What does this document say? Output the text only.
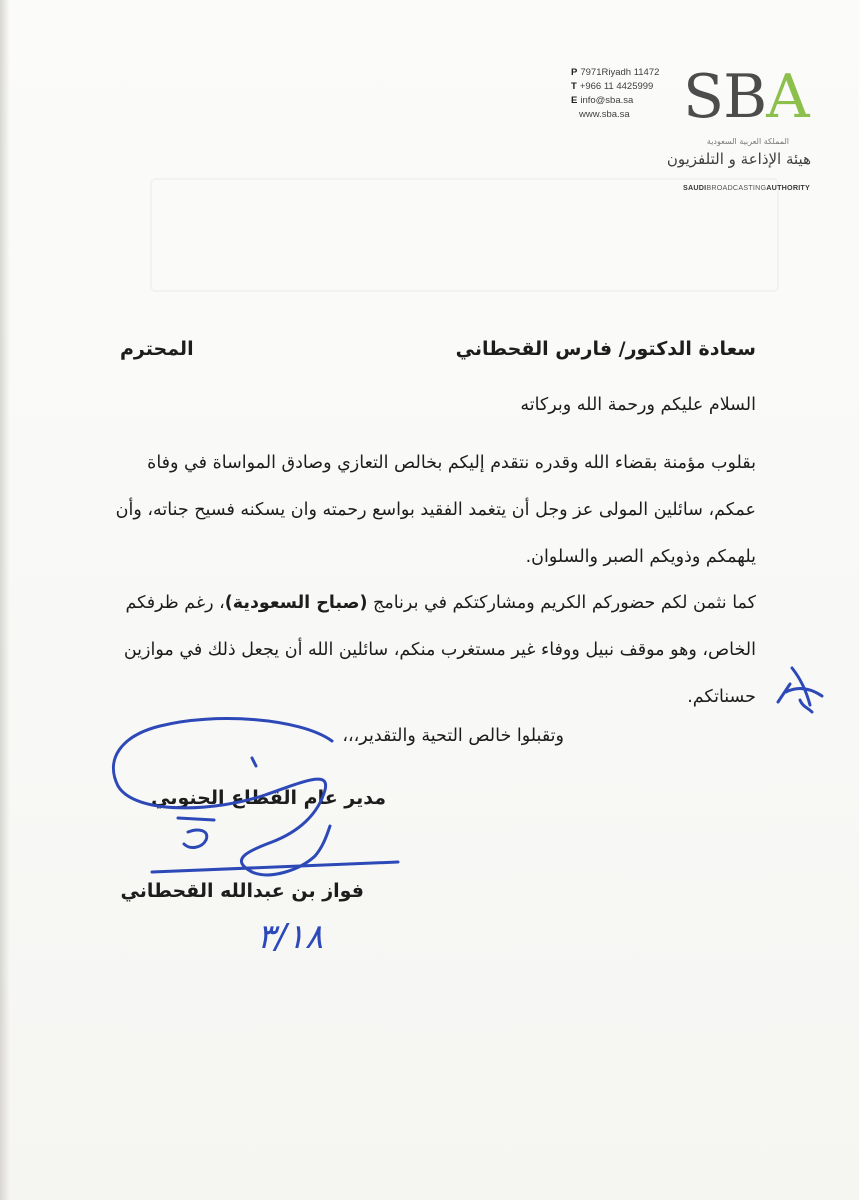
P 7971Riyadh 11472
T +966 11 4425999
E info@sba.sa
www.sba.sa SBA
المملكة العربية السعودية
هيئة الإذاعة و التلفزيون
SAUDIBROADCASTINGAUTHORITY
سعادة الدكتور/ فارس القحطاني
المحترم
السلام عليكم ورحمة الله وبركاته
بقلوب مؤمنة بقضاء الله وقدره نتقدم إليكم بخالص التعازي وصادق المواساة في وفاة
عمكم، سائلين المولى عز وجل أن يتغمد الفقيد بواسع رحمته وان يسكنه فسيح جناته، وأن
يلهمكم وذويكم الصبر والسلوان.
كما نثمن لكم حضوركم الكريم ومشاركتكم في برنامج (صباح السعودية)، رغم ظرفكم
الخاص، وهو موقف نبيل ووفاء غير مستغرب منكم، سائلين الله أن يجعل ذلك في موازين
حسناتكم.
وتقبلوا خالص التحية والتقدير،،،
مدير عام القطاع الجنوبي
فواز بن عبدالله القحطاني
٣/١٨
